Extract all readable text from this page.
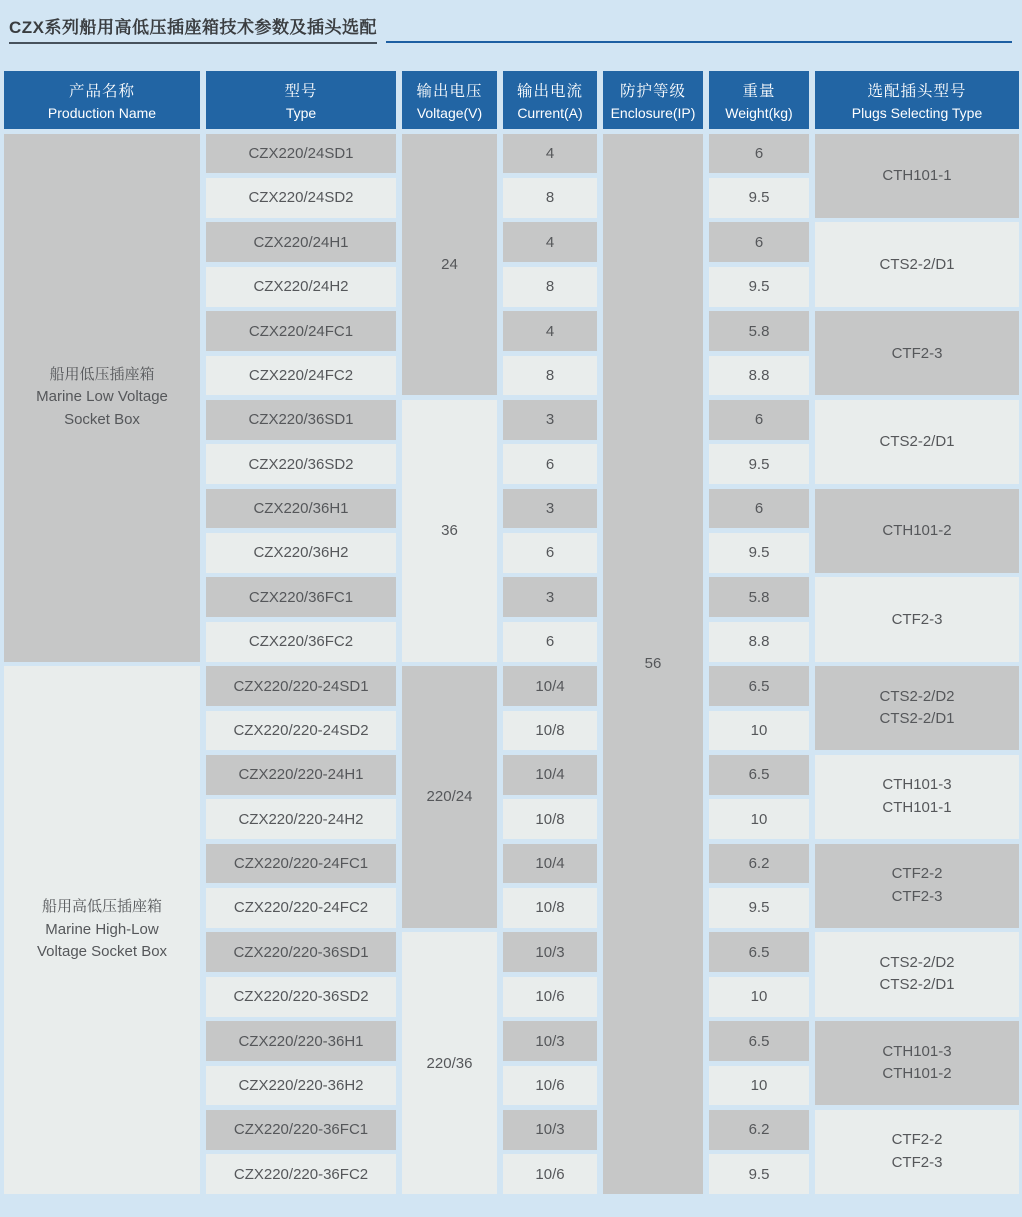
CZX系列船用高低压插座箱技术参数及插头选配
产品名称
Production Name
型号
Type
输出电压
Voltage(V)
输出电流
Current(A)
防护等级
Enclosure(IP)
重量
Weight(kg)
选配插头型号
Plugs Selecting Type
船用低压插座箱
Marine Low Voltage
Socket Box
船用高低压插座箱
Marine High-Low
Voltage Socket Box
CZX220/24SD1
CZX220/24SD2
CZX220/24H1
CZX220/24H2
CZX220/24FC1
CZX220/24FC2
CZX220/36SD1
CZX220/36SD2
CZX220/36H1
CZX220/36H2
CZX220/36FC1
CZX220/36FC2
CZX220/220-24SD1
CZX220/220-24SD2
CZX220/220-24H1
CZX220/220-24H2
CZX220/220-24FC1
CZX220/220-24FC2
CZX220/220-36SD1
CZX220/220-36SD2
CZX220/220-36H1
CZX220/220-36H2
CZX220/220-36FC1
CZX220/220-36FC2
24
36
220/24
220/36
4
8
4
8
4
8
3
6
3
6
3
6
10/4
10/8
10/4
10/8
10/4
10/8
10/3
10/6
10/3
10/6
10/3
10/6
56
6
9.5
6
9.5
5.8
8.8
6
9.5
6
9.5
5.8
8.8
6.5
10
6.5
10
6.2
9.5
6.5
10
6.5
10
6.2
9.5
CTH101-1
CTS2-2/D1
CTF2-3
CTS2-2/D1
CTH101-2
CTF2-3
CTS2-2/D2
CTS2-2/D1
CTH101-3
CTH101-1
CTF2-2
CTF2-3
CTS2-2/D2
CTS2-2/D1
CTH101-3
CTH101-2
CTF2-2
CTF2-3
